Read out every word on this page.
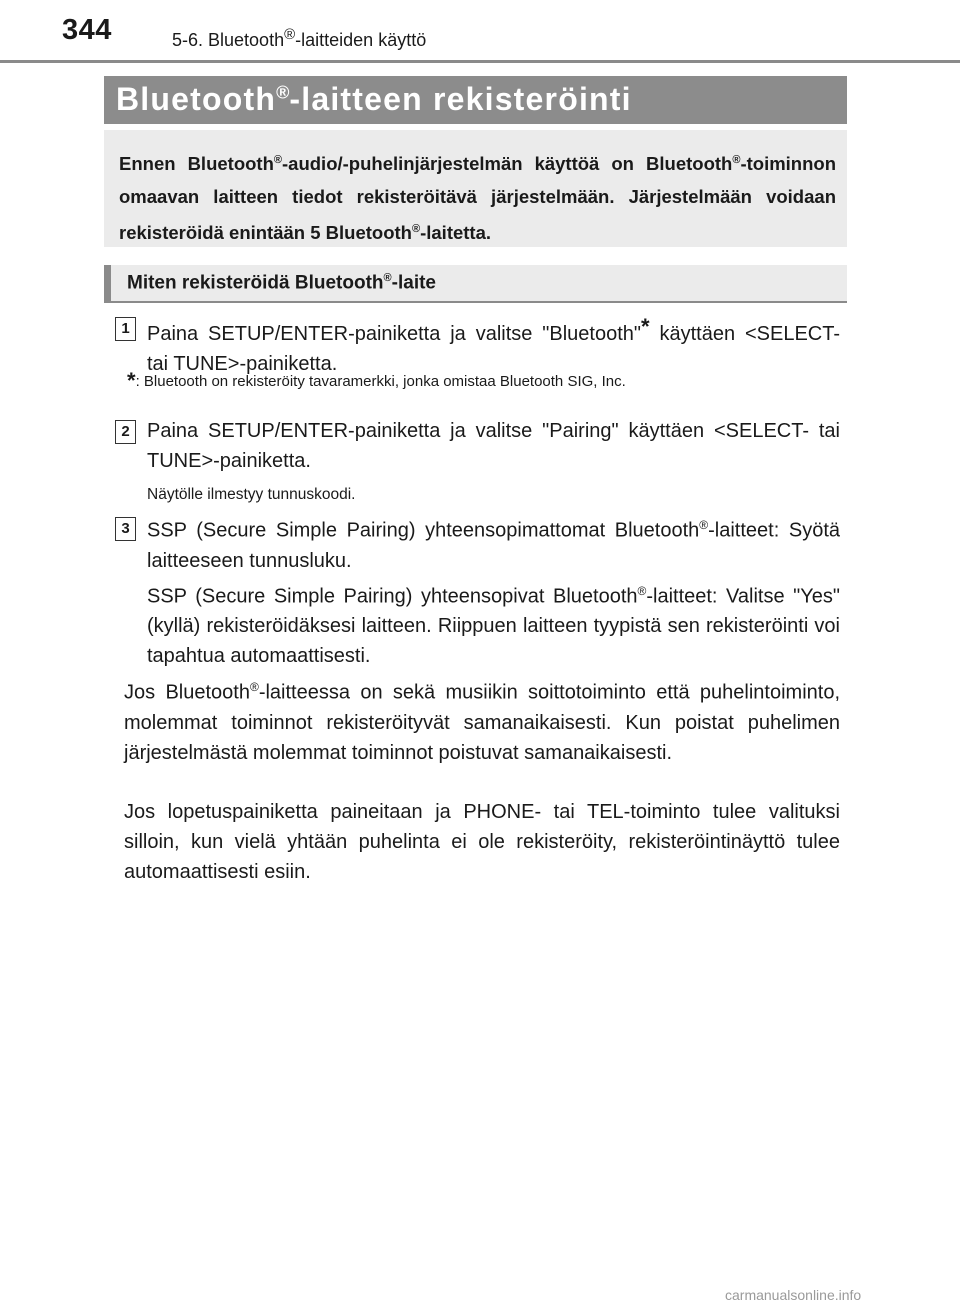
344	5-6. Bluetooth®-laitteiden käyttö
Bluetooth®-laitteen rekisteröinti
Ennen Bluetooth®-audio/-puhelinjärjestelmän käyttöä on Bluetooth®-toiminnon omaavan laitteen tiedot rekisteröitävä järjestelmään. Järjestelmään voidaan rekisteröidä enintään 5 Bluetooth®-laitetta.
Miten rekisteröidä Bluetooth®-laite
1 Paina SETUP/ENTER-painiketta ja valitse "Bluetooth"* käyttäen <SELECT- tai TUNE>-painiketta.
*: Bluetooth on rekisteröity tavaramerkki, jonka omistaa Bluetooth SIG, Inc.
2 Paina SETUP/ENTER-painiketta ja valitse "Pairing" käyttäen <SELECT- tai TUNE>-painiketta.
Näytölle ilmestyy tunnuskoodi.
3 SSP (Secure Simple Pairing) yhteensopimattomat Bluetooth®-laitteet: Syötä laitteeseen tunnusluku.
SSP (Secure Simple Pairing) yhteensopivat Bluetooth®-laitteet: Valitse "Yes" (kyllä) rekisteröidäksesi laitteen. Riippuen laitteen tyypistä sen rekisteröinti voi tapahtua automaattisesti.
Jos Bluetooth®-laitteessa on sekä musiikin soittotoiminto että puhelintoiminto, molemmat toiminnot rekisteröityvät samanaikaisesti. Kun poistat puhelimen järjestelmästä molemmat toiminnot poistuvat samanaikaisesti.
Jos lopetuspainiketta paineitaan ja PHONE- tai TEL-toiminto tulee valituksi silloin, kun vielä yhtään puhelinta ei ole rekisteröity, rekisteröintinäyttö tulee automaattisesti esiin.
carmanualsonline.info
